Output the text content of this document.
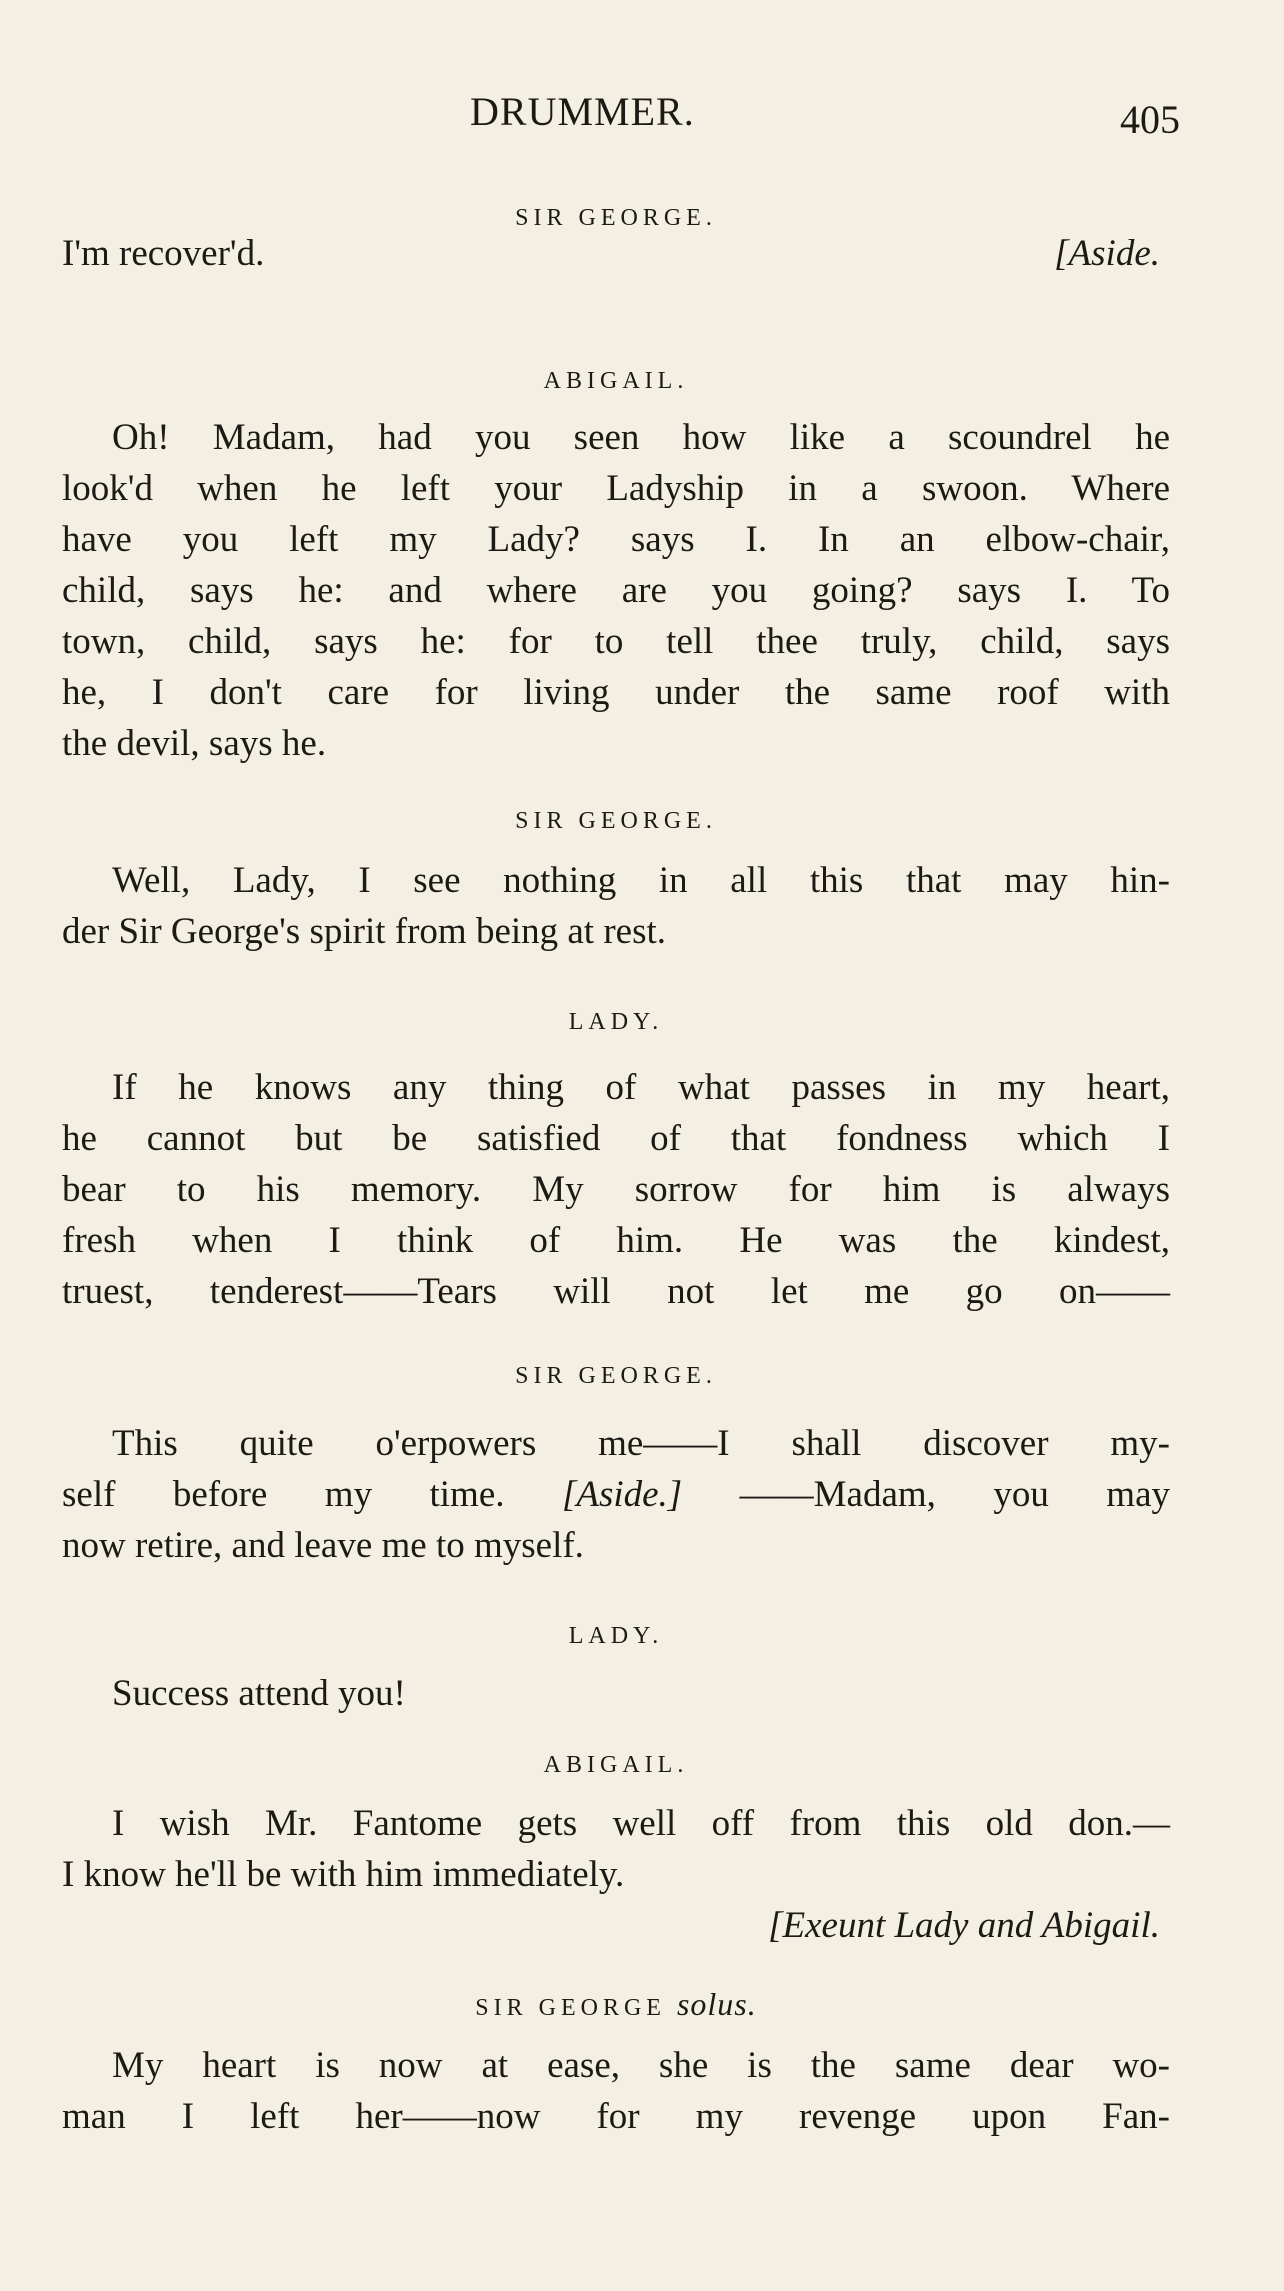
DRUMMER.	405
SIR GEORGE.
I'm recover'd.	[Aside.
ABIGAIL.
Oh! Madam, had you seen how like a scoundrel he
look'd when he left your Ladyship in a swoon. Where
have you left my Lady? says I. In an elbow-chair,
child, says he: and where are you going? says I. To
town, child, says he: for to tell thee truly, child, says
he, I don't care for living under the same roof with
the devil, says he.
SIR GEORGE.
Well, Lady, I see nothing in all this that may hin-
der Sir George's spirit from being at rest.
LADY.
If he knows any thing of what passes in my heart,
he cannot but be satisfied of that fondness which I
bear to his memory. My sorrow for him is always
fresh when I think of him. He was the kindest,
truest, tenderest——Tears will not let me go on——
SIR GEORGE.
This quite o'erpowers me——I shall discover my-
self before my time. [Aside.] ——Madam, you may
now retire, and leave me to myself.
LADY.
Success attend you!
ABIGAIL.
I wish Mr. Fantome gets well off from this old don.—
I know he'll be with him immediately.
[Exeunt Lady and Abigail.
SIR GEORGE solus.
My heart is now at ease, she is the same dear wo-
man I left her——now for my revenge upon Fan-
